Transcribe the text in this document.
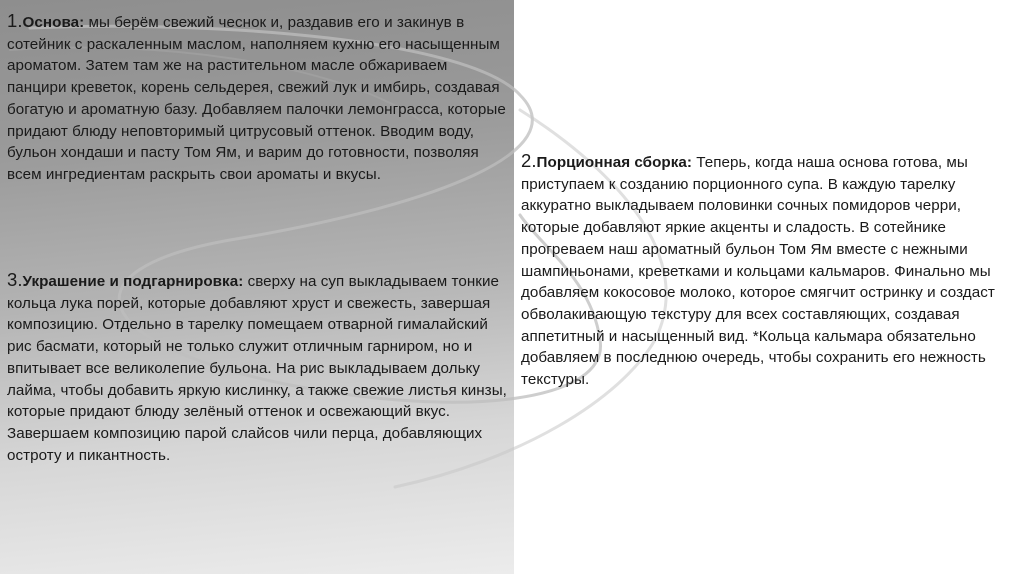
1.Основа: мы берём свежий чеснок и, раздавив его и закинув в сотейник с раскаленным маслом, наполняем кухню его насыщенным ароматом. Затем там же на растительном масле обжариваем панцири креветок, корень сельдерея, свежий лук и имбирь, создавая богатую и ароматную базу. Добавляем палочки лемонграсса, которые придают блюду неповторимый цитрусовый оттенок. Вводим воду, бульон хондаши и пасту Том Ям, и варим до готовности, позволяя всем ингредиентам раскрыть свои ароматы и вкусы.
2.Порционная сборка: Теперь, когда наша основа готова, мы приступаем к созданию порционного супа. В каждую тарелку аккуратно выкладываем половинки сочных помидоров черри, которые добавляют яркие акценты и сладость. В сотейнике прогреваем наш ароматный бульон Том Ям вместе с нежными шампиньонами, креветками и кольцами кальмаров. Финально мы добавляем кокосовое молоко, которое смягчит остринку и создаст обволакивающую текстуру для всех составляющих, создавая аппетитный и насыщенный вид. *Кольца кальмара обязательно добавляем в последнюю очередь, чтобы сохранить его нежность текстуры.
3.Украшение и подгарнировка: сверху на суп выкладываем тонкие кольца лука порей, которые добавляют хруст и свежесть, завершая композицию. Отдельно в тарелку помещаем отварной гималайский рис басмати, который не только служит отличным гарниром, но и впитывает все великолепие бульона. На рис выкладываем дольку лайма, чтобы добавить яркую кислинку, а также свежие листья кинзы, которые придают блюду зелёный оттенок и освежающий вкус. Завершаем композицию парой слайсов чили перца, добавляющих остроту и пикантность.
